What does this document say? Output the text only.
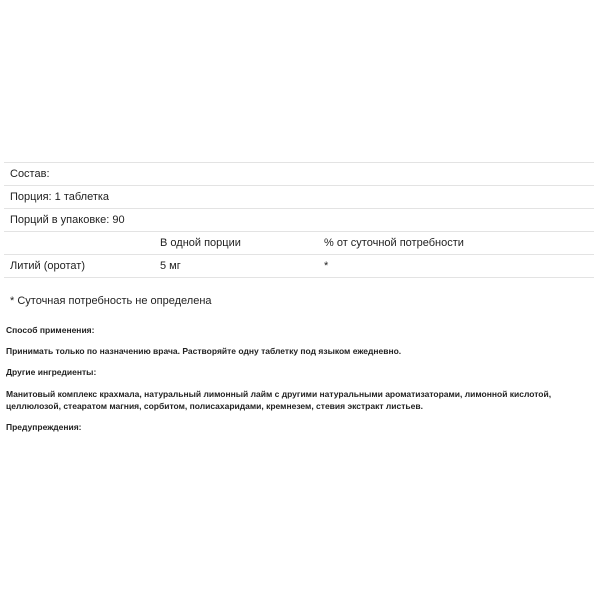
Состав:		
Порция: 1 таблетка		
Порций в упаковке: 90		
	В одной порции	% от суточной потребности
Литий (оротат)	5 мг	*
* Суточная потребность не определена

Способ применения:

Принимать только по назначению врача. Растворяйте одну таблетку под языком ежедневно.

Другие ингредиенты:

Манитовый комплекс крахмала, натуральный лимонный лайм с другими натуральными ароматизаторами, лимонной кислотой, целлюлозой, стеаратом магния, сорбитом, полисахаридами, кремнезем, стевия экстракт листьев.

Предупреждения:
